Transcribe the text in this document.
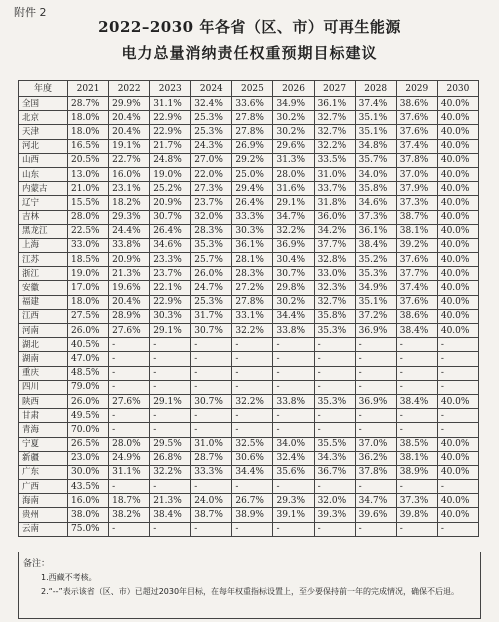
附件 2
2022–2030 年各省（区、市）可再生能源
电力总量消纳责任权重预期目标建议
年度	2021	2022	2023	2024	2025	2026	2027	2028	2029	2030
全国	28.7%	29.9%	31.1%	32.4%	33.6%	34.9%	36.1%	37.4%	38.6%	40.0%
北京	18.0%	20.4%	22.9%	25.3%	27.8%	30.2%	32.7%	35.1%	37.6%	40.0%
天津	18.0%	20.4%	22.9%	25.3%	27.8%	30.2%	32.7%	35.1%	37.6%	40.0%
河北	16.5%	19.1%	21.7%	24.3%	26.9%	29.6%	32.2%	34.8%	37.4%	40.0%
山西	20.5%	22.7%	24.8%	27.0%	29.2%	31.3%	33.5%	35.7%	37.8%	40.0%
山东	13.0%	16.0%	19.0%	22.0%	25.0%	28.0%	31.0%	34.0%	37.0%	40.0%
内蒙古	21.0%	23.1%	25.2%	27.3%	29.4%	31.6%	33.7%	35.8%	37.9%	40.0%
辽宁	15.5%	18.2%	20.9%	23.7%	26.4%	29.1%	31.8%	34.6%	37.3%	40.0%
吉林	28.0%	29.3%	30.7%	32.0%	33.3%	34.7%	36.0%	37.3%	38.7%	40.0%
黑龙江	22.5%	24.4%	26.4%	28.3%	30.3%	32.2%	34.2%	36.1%	38.1%	40.0%
上海	33.0%	33.8%	34.6%	35.3%	36.1%	36.9%	37.7%	38.4%	39.2%	40.0%
江苏	18.5%	20.9%	23.3%	25.7%	28.1%	30.4%	32.8%	35.2%	37.6%	40.0%
浙江	19.0%	21.3%	23.7%	26.0%	28.3%	30.7%	33.0%	35.3%	37.7%	40.0%
安徽	17.0%	19.6%	22.1%	24.7%	27.2%	29.8%	32.3%	34.9%	37.4%	40.0%
福建	18.0%	20.4%	22.9%	25.3%	27.8%	30.2%	32.7%	35.1%	37.6%	40.0%
江西	27.5%	28.9%	30.3%	31.7%	33.1%	34.4%	35.8%	37.2%	38.6%	40.0%
河南	26.0%	27.6%	29.1%	30.7%	32.2%	33.8%	35.3%	36.9%	38.4%	40.0%
湖北	40.5%	-	-	-	-	-	-	-	-	-
湖南	47.0%	-	-	-	-	-	-	-	-	-
重庆	48.5%	-	-	-	-	-	-	-	-	-
四川	79.0%	-	-	-	-	-	-	-	-	-
陕西	26.0%	27.6%	29.1%	30.7%	32.2%	33.8%	35.3%	36.9%	38.4%	40.0%
甘肃	49.5%	-	-	-	-	-	-	-	-	-
青海	70.0%	-	-	-	-	-	-	-	-	-
宁夏	26.5%	28.0%	29.5%	31.0%	32.5%	34.0%	35.5%	37.0%	38.5%	40.0%
新疆	23.0%	24.9%	26.8%	28.7%	30.6%	32.4%	34.3%	36.2%	38.1%	40.0%
广东	30.0%	31.1%	32.2%	33.3%	34.4%	35.6%	36.7%	37.8%	38.9%	40.0%
广西	43.5%	-	-	-	-	-	-	-	-	-
海南	16.0%	18.7%	21.3%	24.0%	26.7%	29.3%	32.0%	34.7%	37.3%	40.0%
贵州	38.0%	38.2%	38.4%	38.7%	38.9%	39.1%	39.3%	39.6%	39.8%	40.0%
云南	75.0%	-	-	-	-	-	-	-	-	-
备注：
1.西藏不考核。
2.“--”表示该省（区、市）已超过2030年目标，在每年权重指标设置上，至少要保持前一年的完成情况，确保不后退。
